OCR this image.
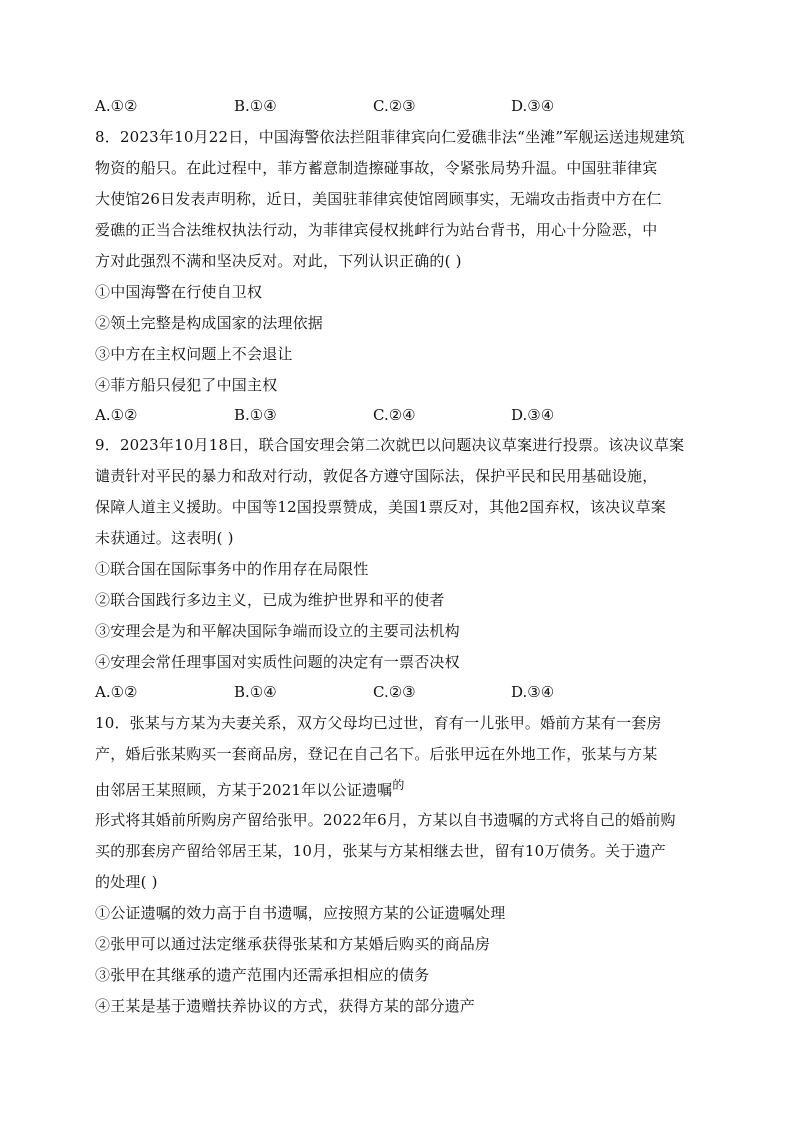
A.①②	B.①④	C.②③	D.③④
8．2023年10月22日，中国海警依法拦阻菲律宾向仁爱礁非法“坐滩”军舰运送违规建筑
物资的船只。在此过程中，菲方蓄意制造擦碰事故，令紧张局势升温。中国驻菲律宾
大使馆26日发表声明称，近日，美国驻菲律宾使馆罔顾事实，无端攻击指责中方在仁
爱礁的正当合法维权执法行动，为菲律宾侵权挑衅行为站台背书，用心十分险恶，中
方对此强烈不满和坚决反对。对此，下列认识正确的( )
①中国海警在行使自卫权
②领土完整是构成国家的法理依据
③中方在主权问题上不会退让
④菲方船只侵犯了中国主权
A.①②	B.①③	C.②④	D.③④
9．2023年10月18日，联合国安理会第二次就巴以问题决议草案进行投票。该决议草案
谴责针对平民的暴力和敌对行动，敦促各方遵守国际法，保护平民和民用基础设施，
保障人道主义援助。中国等12国投票赞成，美国1票反对，其他2国弃权，该决议草案
未获通过。这表明( )
①联合国在国际事务中的作用存在局限性
②联合国践行多边主义，已成为维护世界和平的使者
③安理会是为和平解决国际争端而设立的主要司法机构
④安理会常任理事国对实质性问题的决定有一票否决权
A.①②	B.①④	C.②③	D.③④
10．张某与方某为夫妻关系，双方父母均已过世，育有一儿张甲。婚前方某有一套房
产，婚后张某购买一套商品房，登记在自己名下。后张甲远在外地工作，张某与方某
由邻居王某照顾，方某于2021年以公证遗嘱$^的$
形式将其婚前所购房产留给张甲。2022年6月，方某以自书遗嘱的方式将自己的婚前购
买的那套房产留给邻居王某，10月，张某与方某相继去世，留有10万债务。关于遗产
的处理( )
①公证遗嘱的效力高于自书遗嘱，应按照方某的公证遗嘱处理
②张甲可以通过法定继承获得张某和方某婚后购买的商品房
③张甲在其继承的遗产范围内还需承担相应的债务
④王某是基于遗赠扶养协议的方式，获得方某的部分遗产
